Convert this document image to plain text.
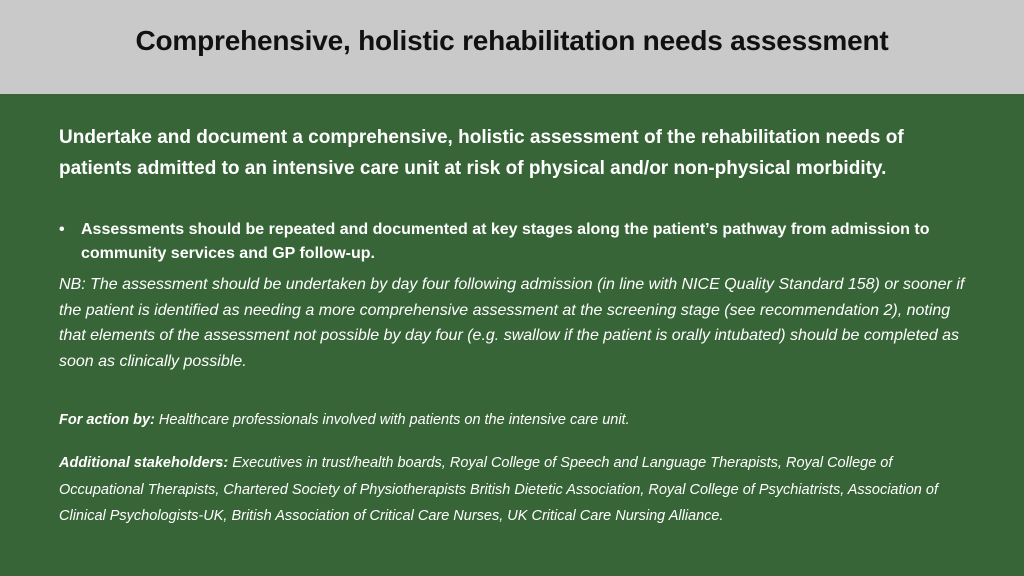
Comprehensive, holistic rehabilitation needs assessment
Undertake and document a comprehensive, holistic assessment of the rehabilitation needs of patients admitted to an intensive care unit at risk of physical and/or non-physical morbidity.
• Assessments should be repeated and documented at key stages along the patient’s pathway from admission to community services and GP follow-up.
NB: The assessment should be undertaken by day four following admission (in line with NICE Quality Standard 158) or sooner if the patient is identified as needing a more comprehensive assessment at the screening stage (see recommendation 2), noting that elements of the assessment not possible by day four (e.g. swallow if the patient is orally intubated) should be completed as soon as clinically possible.
For action by: Healthcare professionals involved with patients on the intensive care unit.
Additional stakeholders: Executives in trust/health boards, Royal College of Speech and Language Therapists, Royal College of Occupational Therapists, Chartered Society of Physiotherapists British Dietetic Association, Royal College of Psychiatrists, Association of Clinical Psychologists-UK, British Association of Critical Care Nurses, UK Critical Care Nursing Alliance.
